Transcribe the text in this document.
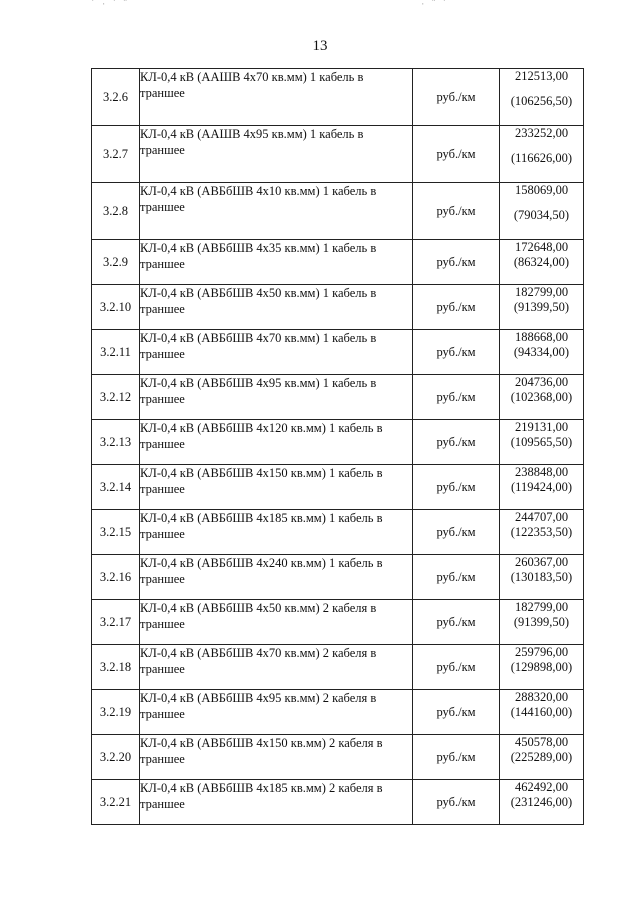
˙ · ˙ ¨	· ¨ ˙
13
3.2.6	КЛ-0,4 кВ (ААШВ 4х70 кв.мм) 1 кабель в
траншее	руб./км	212513,00
(106256,50)

3.2.7	КЛ-0,4 кВ (ААШВ 4х95 кв.мм) 1 кабель в
траншее	руб./км	233252,00
(116626,00)

3.2.8	КЛ-0,4 кВ (АВБбШВ 4х10 кв.мм) 1 кабель в
траншее	руб./км	158069,00
(79034,50)

3.2.9	КЛ-0,4 кВ (АВБбШВ 4х35 кв.мм) 1 кабель в
траншее	руб./км	172648,00
(86324,00)

3.2.10	КЛ-0,4 кВ (АВБбШВ 4х50 кв.мм) 1 кабель в
траншее	руб./км	182799,00
(91399,50)

3.2.11	КЛ-0,4 кВ (АВБбШВ 4х70 кв.мм) 1 кабель в
траншее	руб./км	188668,00
(94334,00)

3.2.12	КЛ-0,4 кВ (АВБбШВ 4х95 кв.мм) 1 кабель в
траншее	руб./км	204736,00
(102368,00)

3.2.13	КЛ-0,4 кВ (АВБбШВ 4х120 кв.мм) 1 кабель в
траншее	руб./км	219131,00
(109565,50)

3.2.14	КЛ-0,4 кВ (АВБбШВ 4х150 кв.мм) 1 кабель в
траншее	руб./км	238848,00
(119424,00)

3.2.15	КЛ-0,4 кВ (АВБбШВ 4х185 кв.мм) 1 кабель в
траншее	руб./км	244707,00
(122353,50)

3.2.16	КЛ-0,4 кВ (АВБбШВ 4х240 кв.мм) 1 кабель в
траншее	руб./км	260367,00
(130183,50)

3.2.17	КЛ-0,4 кВ (АВБбШВ 4х50 кв.мм) 2 кабеля в
траншее	руб./км	182799,00
(91399,50)

3.2.18	КЛ-0,4 кВ (АВБбШВ 4х70 кв.мм) 2 кабеля в
траншее	руб./км	259796,00
(129898,00)

3.2.19	КЛ-0,4 кВ (АВБбШВ 4х95 кв.мм) 2 кабеля в
траншее	руб./км	288320,00
(144160,00)

3.2.20	КЛ-0,4 кВ (АВБбШВ 4х150 кв.мм) 2 кабеля в
траншее	руб./км	450578,00
(225289,00)

3.2.21	КЛ-0,4 кВ (АВБбШВ 4х185 кв.мм) 2 кабеля в
траншее	руб./км	462492,00
(231246,00)
